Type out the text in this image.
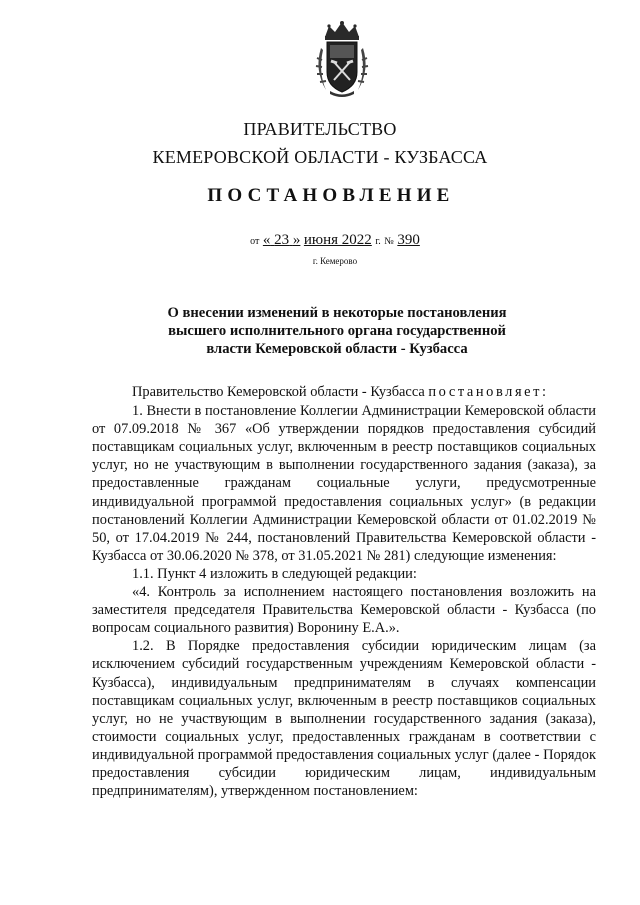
ПРАВИТЕЛЬСТВО
КЕМЕРОВСКОЙ ОБЛАСТИ - КУЗБАССА
ПОСТАНОВЛЕНИЕ
от « 23 » июня 2022 г. № 390
г. Кемерово
О внесении изменений в некоторые постановления
высшего исполнительного органа государственной
власти Кемеровской области - Кузбасса

Правительство Кемеровской области - Кузбасса постановляет:

1. Внести в постановление Коллегии Администрации Кемеровской области от 07.09.2018 № 367 «Об утверждении порядков предоставления субсидий поставщикам социальных услуг, включенным в реестр поставщиков социальных услуг, но не участвующим в выполнении государственного задания (заказа), за предоставленные гражданам социальные услуги, предусмотренные индивидуальной программой предоставления социальных услуг» (в редакции постановлений Коллегии Администрации Кемеровской области от 01.02.2019 № 50, от 17.04.2019 № 244, постановлений Правительства Кемеровской области - Кузбасса от 30.06.2020 № 378, от 31.05.2021 № 281) следующие изменения:

1.1. Пункт 4 изложить в следующей редакции:

«4. Контроль за исполнением настоящего постановления возложить на заместителя председателя Правительства Кемеровской области - Кузбасса (по вопросам социального развития) Воронину Е.А.».

1.2. В Порядке предоставления субсидии юридическим лицам (за исключением субсидий государственным учреждениям Кемеровской области - Кузбасса), индивидуальным предпринимателям в случаях компенсации поставщикам социальных услуг, включенным в реестр поставщиков социальных услуг, но не участвующим в выполнении государственного задания (заказа), стоимости социальных услуг, предоставленных гражданам в соответствии с индивидуальной программой предоставления социальных услуг (далее - Порядок предоставления субсидии юридическим лицам, индивидуальным предпринимателям), утвержденном постановлением:
